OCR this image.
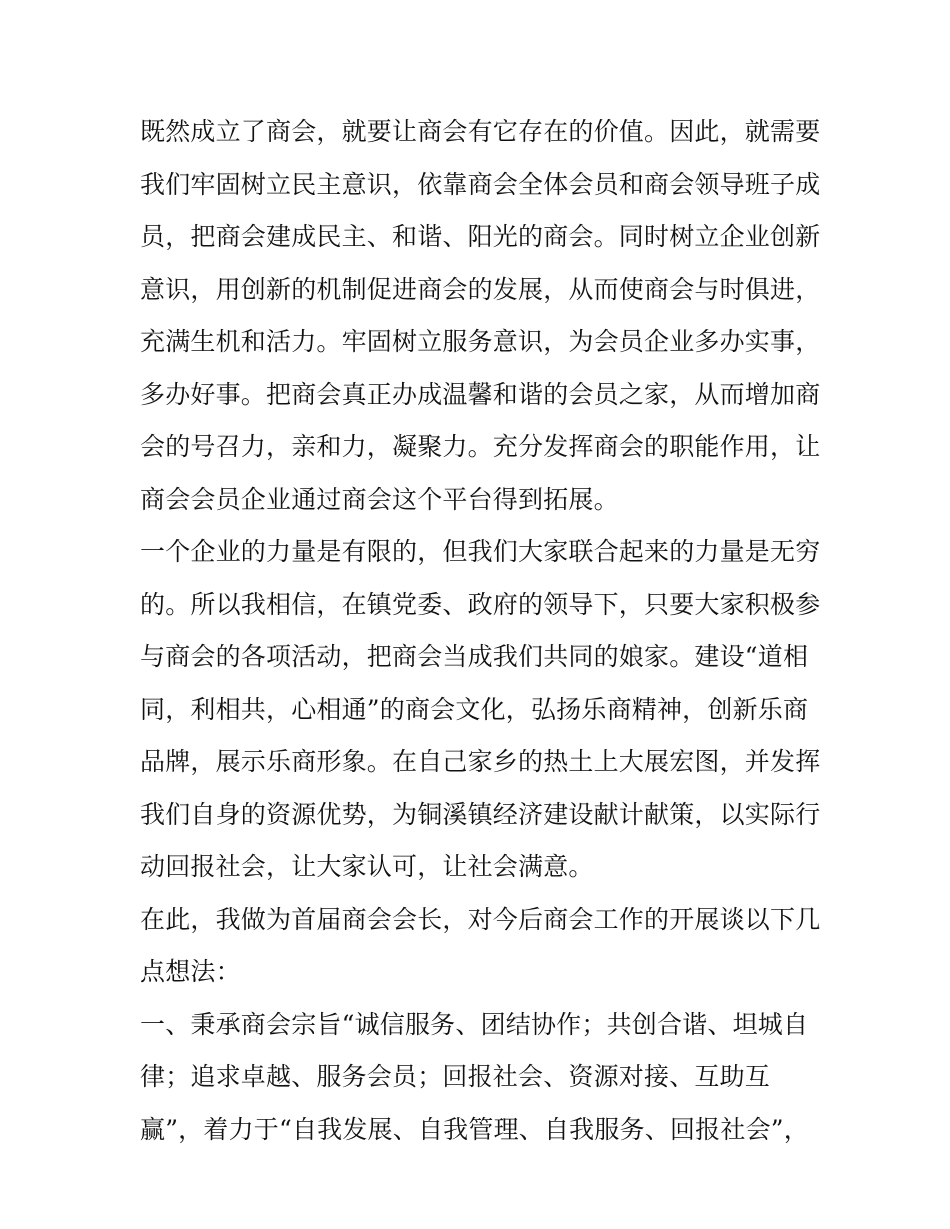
既然成立了商会，就要让商会有它存在的价值。因此，就需要
我们牢固树立民主意识，依靠商会全体会员和商会领导班子成
员，把商会建成民主、和谐、阳光的商会。同时树立企业创新
意识，用创新的机制促进商会的发展，从而使商会与时俱进，
充满生机和活力。牢固树立服务意识，为会员企业多办实事，
多办好事。把商会真正办成温馨和谐的会员之家，从而增加商
会的号召力，亲和力，凝聚力。充分发挥商会的职能作用，让
商会会员企业通过商会这个平台得到拓展。
一个企业的力量是有限的，但我们大家联合起来的力量是无穷
的。所以我相信，在镇党委、政府的领导下，只要大家积极参
与商会的各项活动，把商会当成我们共同的娘家。建设“道相
同，利相共，心相通”的商会文化，弘扬乐商精神，创新乐商
品牌，展示乐商形象。在自己家乡的热土上大展宏图，并发挥
我们自身的资源优势，为铜溪镇经济建设献计献策，以实际行
动回报社会，让大家认可，让社会满意。
在此，我做为首届商会会长，对今后商会工作的开展谈以下几
点想法：
一、秉承商会宗旨“诚信服务、团结协作；共创合谐、坦城自
律；追求卓越、服务会员；回报社会、资源对接、互助互
赢”，着力于“自我发展、自我管理、自我服务、回报社会”，
